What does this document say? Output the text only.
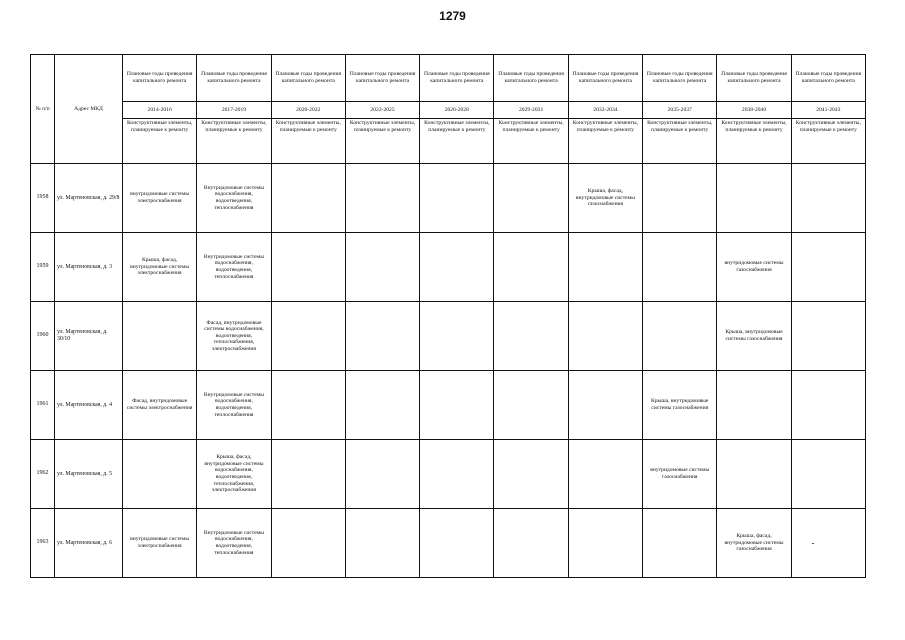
1279
№ п/п	Адрес МКД	Плановые годы проведения капитального ремонта	Плановые годы проведения капитального ремонта	Плановые годы проведения капитального ремонта	Плановые годы проведения капитального ремонта	Плановые годы проведения капитального ремонта	Плановые годы проведения капитального ремонта	Плановые годы проведения капитального ремонта	Плановые годы проведения капитального ремонта	Плановые годы проведения капитального ремонта	Плановые годы проведения капитального ремонта
		2014-2016	2017-2019	2020-2022	2023-2025	2026-2028	2029-2031	2032-2034	2035-2037	2038-2040	2041-2043
		Конструктивные элементы, планируемые к ремонту	Конструктивные элементы, планируемые к ремонту	Конструктивные элементы, планируемые к ремонту	Конструктивные элементы, планируемые к ремонту	Конструктивные элементы, планируемые к ремонту	Конструктивные элементы, планируемые к ремонту	Конструктивные элементы, планируемые к ремонту	Конструктивные элементы, планируемые к ремонту	Конструктивные элементы, планируемые к ремонту	Конструктивные элементы, планируемые к ремонту
1958	ул. Мартеновская, д. 29/8	внутридомовые системы электроснабжения	Внутридомовые системы водоснабжения, водоотведения, теплоснабжения					Крыша, фасад, внутридомовые системы газоснабжения			
1959	ул. Мартеновская, д. 3	Крыша, фасад, внутридомовые системы электроснабжения	Внутридомовые системы водоснабжения, водоотведения, теплоснабжения							внутридомовые системы газоснабжения	
1960	ул. Мартеновская, д. 30/10		Фасад, внутридомовые системы водоснабжения, водоотведения, теплоснабжения, электроснабжения							Крыша, внутридомовые системы газоснабжения	
1961	ул. Мартеновская, д. 4	Фасад, внутридомовые системы электроснабжения	Внутридомовые системы водоснабжения, водоотведения, теплоснабжения						Крыша, внутридомовые системы газоснабжения		
1962	ул. Мартеновская, д. 5		Крыша, фасад, внутридомовые системы водоснабжения, водоотведения, теплоснабжения, электроснабжения						внутридомовые системы газоснабжения		
1963	ул. Мартеновская, д. 6	внутридомовые системы электроснабжения	Внутридомовые системы водоснабжения, водоотведения, теплоснабжения							Крыша, фасад, внутридомовые системы газоснабжения	
